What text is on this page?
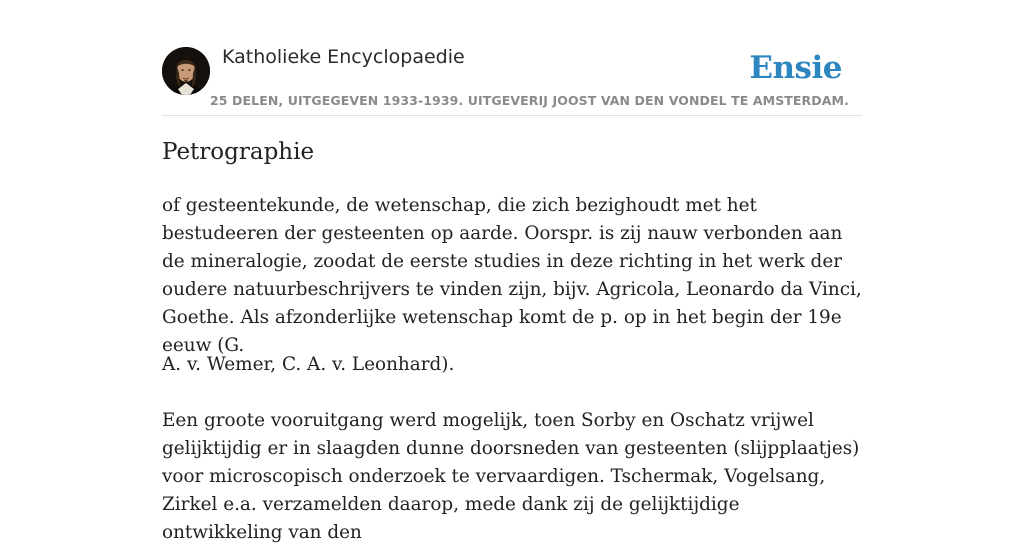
Katholieke Encyclopaedie
25 DELEN, UITGEGEVEN 1933-1939. UITGEVERIJ JOOST VAN DEN VONDEL TE AMSTERDAM.
Ensie
Petrographie

of gesteentekunde, de wetenschap, die zich bezighoudt met het bestudeeren der gesteenten op aarde. Oorspr. is zij nauw verbonden aan de mineralogie, zoodat de eerste studies in deze richting in het werk der oudere natuurbeschrijvers te vinden zijn, bijv. Agricola, Leonardo da Vinci, Goethe. Als afzonderlijke wetenschap komt de p. op in het begin der 19e eeuw (G.

A. v. Wemer, C. A. v. Leonhard).

Een groote vooruitgang werd mogelijk, toen Sorby en Oschatz vrijwel gelijktijdig er in slaagden dunne doorsneden van gesteenten (slijpplaatjes) voor microscopisch onderzoek te vervaardigen. Tschermak, Vogelsang, Zirkel e.a. verzamelden daarop, mede dank zij de gelijktijdige ontwikkeling van den
